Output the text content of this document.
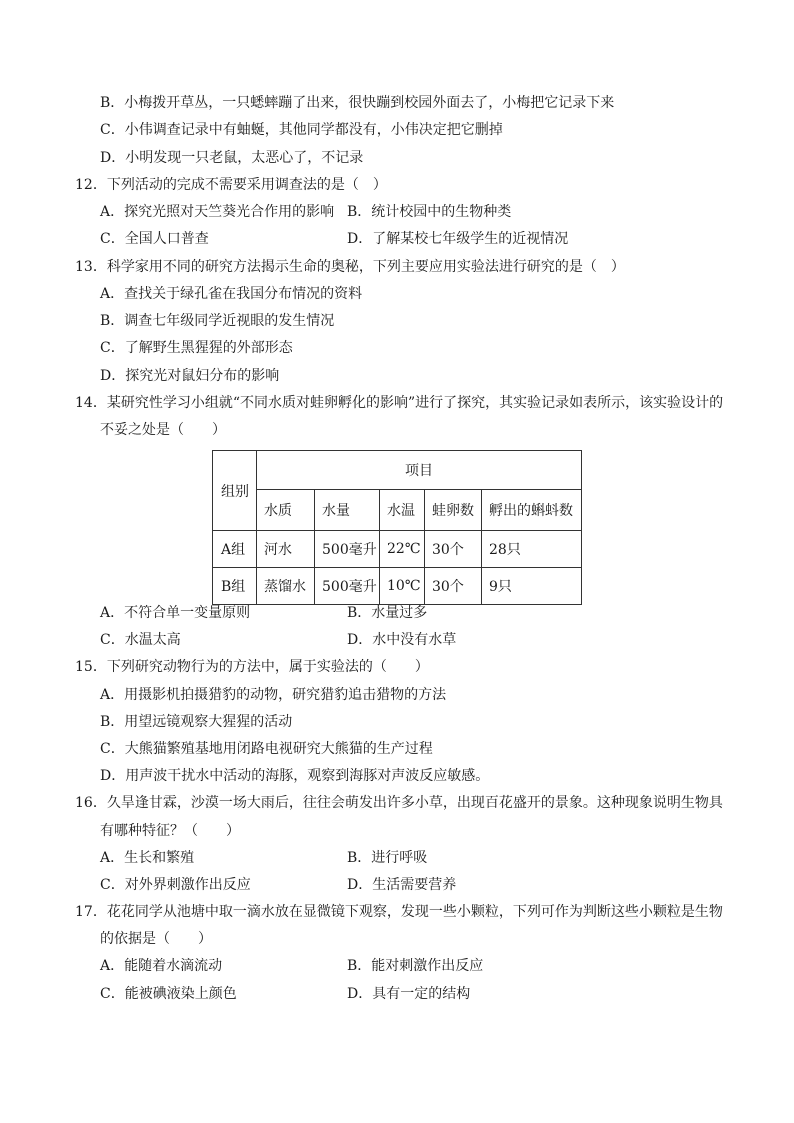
B．小梅拨开草丛，一只蟋蟀蹦了出来，很快蹦到校园外面去了，小梅把它记录下来
C．小伟调查记录中有蚰蜒，其他同学都没有，小伟决定把它删掉
D．小明发现一只老鼠，太恶心了，不记录
12．下列活动的完成不需要采用调查法的是（　）
A．探究光照对天竺葵光合作用的影响 B．统计校园中的生物种类
C．全国人口普查	D．了解某校七年级学生的近视情况
13．科学家用不同的研究方法揭示生命的奥秘，下列主要应用实验法进行研究的是（　）
A．查找关于绿孔雀在我国分布情况的资料
B．调查七年级同学近视眼的发生情况
C．了解野生黑猩猩的外部形态
D．探究光对鼠妇分布的影响
14．某研究性学习小组就“不同水质对蛙卵孵化的影响”进行了探究，其实验记录如表所示，该实验设计的
不妥之处是（　　）
组别	项目				
	水质	水量	水温	蛙卵数	孵出的蝌蚪数
A组	河水	500毫升	22℃	30个	28只
B组	蒸馏水	500毫升	10℃	30个	9只
A．不符合单一变量原则	B．水量过多
C．水温太高	D．水中没有水草
15．下列研究动物行为的方法中，属于实验法的（　　）
A．用摄影机拍摄猎豹的动物，研究猎豹追击猎物的方法
B．用望远镜观察大猩猩的活动
C．大熊猫繁殖基地用闭路电视研究大熊猫的生产过程
D．用声波干扰水中活动的海豚，观察到海豚对声波反应敏感。
16．久旱逢甘霖，沙漠一场大雨后，往往会萌发出许多小草，出现百花盛开的景象。这种现象说明生物具
有哪种特征？（　　）
A．生长和繁殖	B．进行呼吸
C．对外界刺激作出反应	D．生活需要营养
17．花花同学从池塘中取一滴水放在显微镜下观察，发现一些小颗粒，下列可作为判断这些小颗粒是生物
的依据是（　　）
A．能随着水滴流动	B．能对刺激作出反应
C．能被碘液染上颜色	D．具有一定的结构
